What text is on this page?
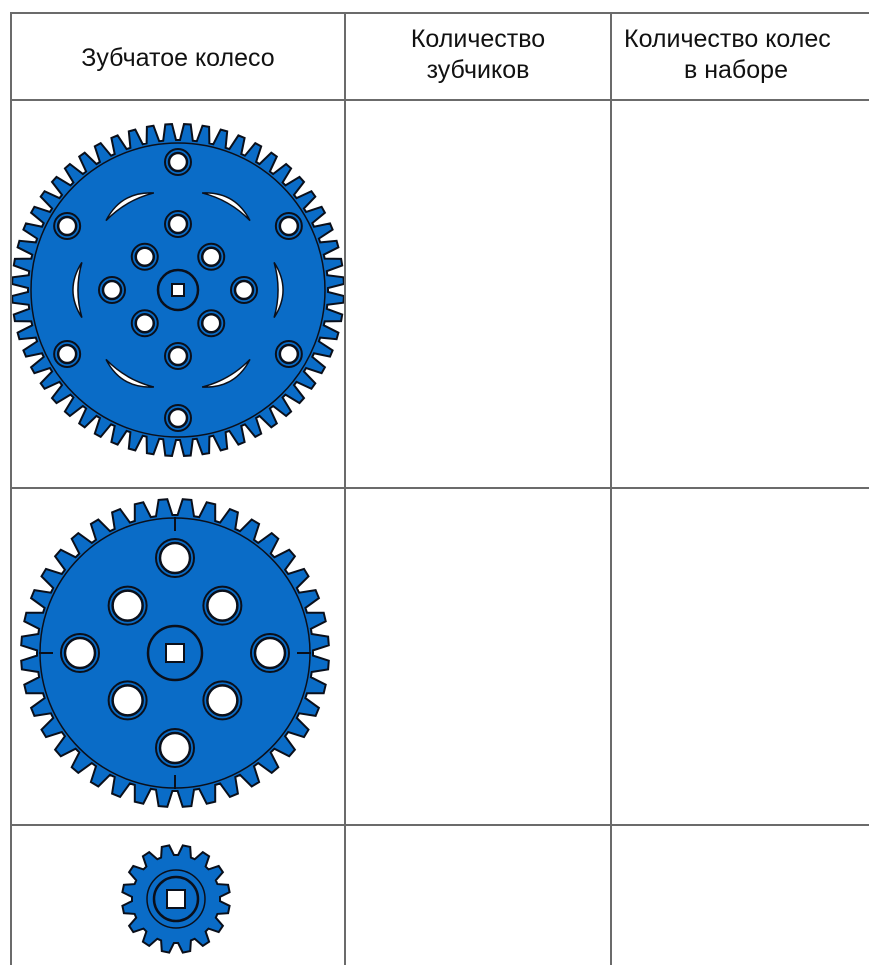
Зубчатое колесо
Количество
зубчиков
Количество колес
в наборе
